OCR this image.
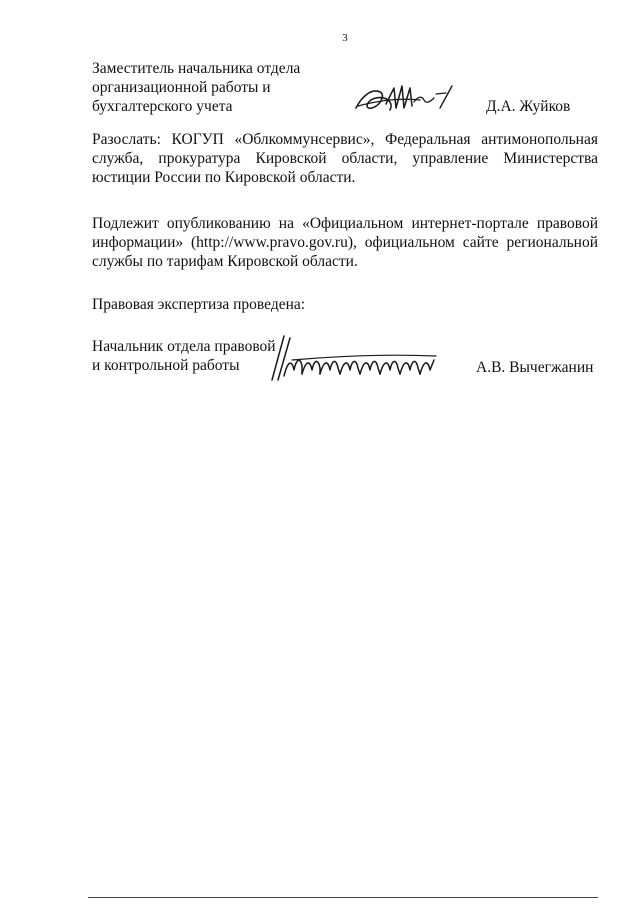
3
Заместитель начальника отдела
организационной работы и
бухгалтерского учета	Д.А. Жуйков

Разослать: КОГУП «Облкоммунсервис», Федеральная антимонопольная служба, прокуратура Кировской области, управление Министерства юстиции России по Кировской области.

Подлежит опубликованию на «Официальном интернет-портале правовой информации» (http://www.pravo.gov.ru), официальном сайте региональной службы по тарифам Кировской области.

Правовая экспертиза проведена:

Начальник отдела правовой
и контрольной работы	А.В. Вычегжанин
